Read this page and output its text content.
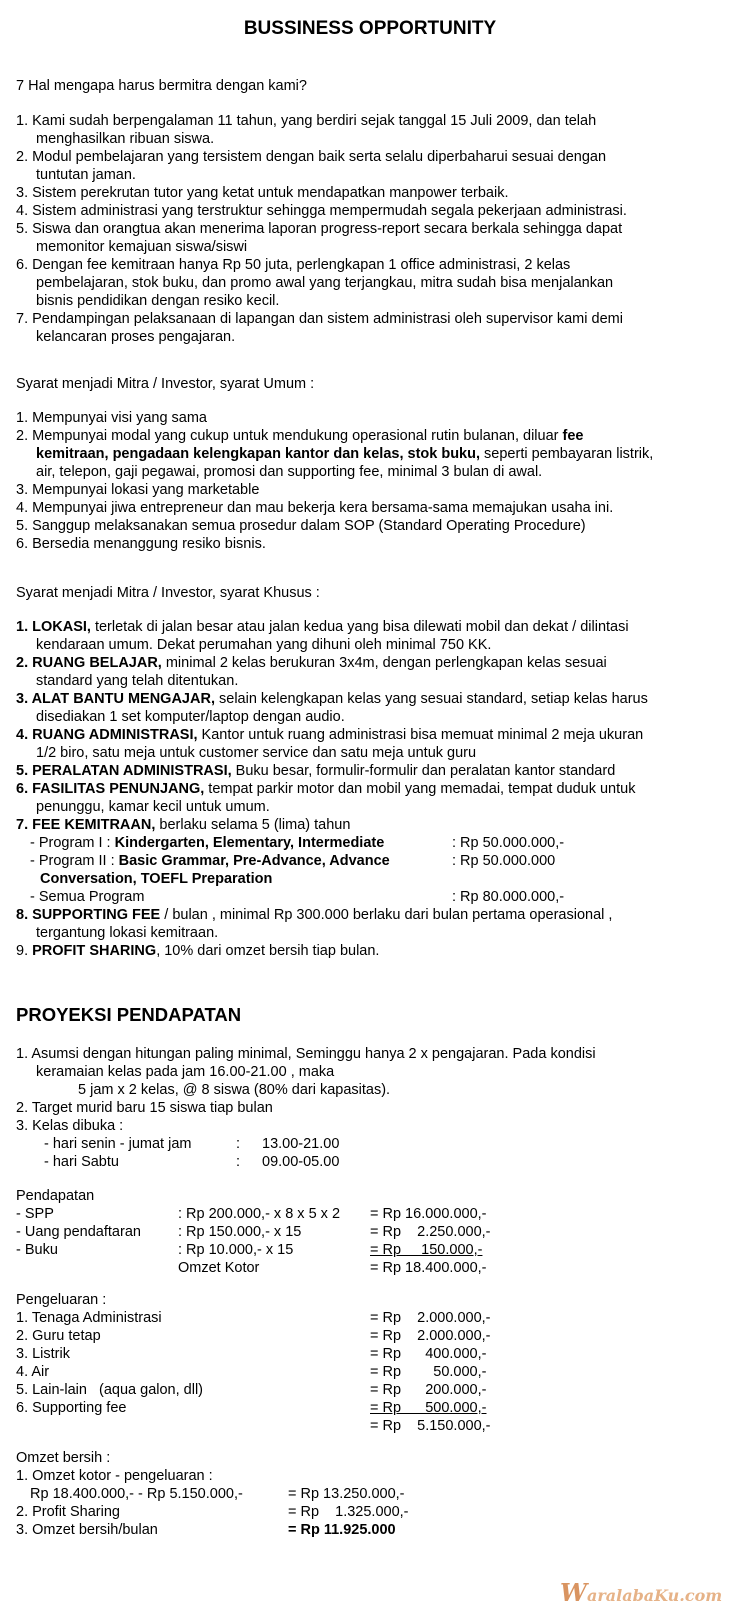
BUSSINESS OPPORTUNITY
7 Hal mengapa harus bermitra dengan kami?
1. Kami sudah berpengalaman 11 tahun, yang berdiri sejak tanggal 15 Juli 2009, dan telah
menghasilkan ribuan siswa.
2. Modul pembelajaran yang tersistem dengan baik serta selalu diperbaharui sesuai dengan
tuntutan jaman.
3. Sistem perekrutan tutor yang ketat untuk mendapatkan manpower terbaik.
4. Sistem administrasi yang terstruktur sehingga mempermudah segala pekerjaan administrasi.
5. Siswa dan orangtua akan menerima laporan progress-report secara berkala sehingga dapat
memonitor kemajuan siswa/siswi
6. Dengan fee kemitraan hanya Rp 50 juta, perlengkapan 1 office administrasi, 2 kelas
pembelajaran, stok buku, dan promo awal yang terjangkau, mitra sudah bisa menjalankan
bisnis pendidikan dengan resiko kecil.
7. Pendampingan pelaksanaan di lapangan dan sistem administrasi oleh supervisor kami demi
kelancaran proses pengajaran.
Syarat menjadi Mitra / Investor, syarat Umum :
1. Mempunyai visi yang sama
2. Mempunyai modal yang cukup untuk mendukung operasional rutin bulanan, diluar fee
kemitraan, pengadaan kelengkapan kantor dan kelas, stok buku, seperti pembayaran listrik,
air, telepon, gaji pegawai, promosi dan supporting fee, minimal 3 bulan di awal.
3. Mempunyai lokasi yang marketable
4. Mempunyai jiwa entrepreneur dan mau bekerja kera bersama-sama memajukan usaha ini.
5. Sanggup melaksanakan semua prosedur dalam SOP (Standard Operating Procedure)
6. Bersedia menanggung resiko bisnis.
Syarat menjadi Mitra / Investor, syarat Khusus :
1. LOKASI, terletak di jalan besar atau jalan kedua yang bisa dilewati mobil dan dekat / dilintasi
kendaraan umum. Dekat perumahan yang dihuni oleh minimal 750 KK.
2. RUANG BELAJAR, minimal 2 kelas berukuran 3x4m, dengan perlengkapan kelas sesuai
standard yang telah ditentukan.
3. ALAT BANTU MENGAJAR, selain kelengkapan kelas yang sesuai standard, setiap kelas harus
disediakan 1 set komputer/laptop dengan audio.
4. RUANG ADMINISTRASI, Kantor untuk ruang administrasi bisa memuat minimal 2 meja ukuran
1/2 biro, satu meja untuk customer service dan satu meja untuk guru
5. PERALATAN ADMINISTRASI, Buku besar, formulir-formulir dan peralatan kantor standard
6. FASILITAS PENUNJANG, tempat parkir motor dan mobil yang memadai, tempat duduk untuk
penunggu, kamar kecil untuk umum.
7. FEE KEMITRAAN, berlaku selama 5 (lima) tahun
- Program I : Kindergarten, Elementary, Intermediate	: Rp 50.000.000,-
- Program II : Basic Grammar, Pre-Advance, Advance	: Rp 50.000.000
Conversation, TOEFL Preparation
- Semua Program	: Rp 80.000.000,-
8. SUPPORTING FEE / bulan , minimal Rp 300.000 berlaku dari bulan pertama operasional ,
tergantung lokasi kemitraan.
9. PROFIT SHARING, 10% dari omzet bersih tiap bulan.
PROYEKSI PENDAPATAN
1. Asumsi dengan hitungan paling minimal, Seminggu hanya 2 x pengajaran. Pada kondisi
keramaian kelas pada jam 16.00-21.00 , maka
5 jam x 2 kelas, @ 8 siswa (80% dari kapasitas).
2. Target murid baru 15 siswa tiap bulan
3. Kelas dibuka :
- hari senin - jumat jam	: 13.00-21.00
- hari Sabtu	: 09.00-05.00
Pendapatan
- SPP	: Rp 200.000,- x 8 x 5 x 2 = Rp 16.000.000,-
- Uang pendaftaran	: Rp 150.000,- x 15	= Rp    2.250.000,-
- Buku	: Rp 10.000,- x 15	= Rp     150.000,-
Omzet Kotor	= Rp 18.400.000,-
Pengeluaran :
1. Tenaga Administrasi	= Rp    2.000.000,-
2. Guru tetap	= Rp    2.000.000,-
3. Listrik	= Rp      400.000,-
4. Air	= Rp        50.000,-
5. Lain-lain   (aqua galon, dll)	= Rp      200.000,-
6. Supporting fee	= Rp      500.000,-
= Rp    5.150.000,-
Omzet bersih :
1. Omzet kotor - pengeluaran :
Rp 18.400.000,- - Rp 5.150.000,-	= Rp 13.250.000,-
2. Profit Sharing	= Rp    1.325.000,-
3. Omzet bersih/bulan	= Rp 11.925.000
WaralabaKu.com
